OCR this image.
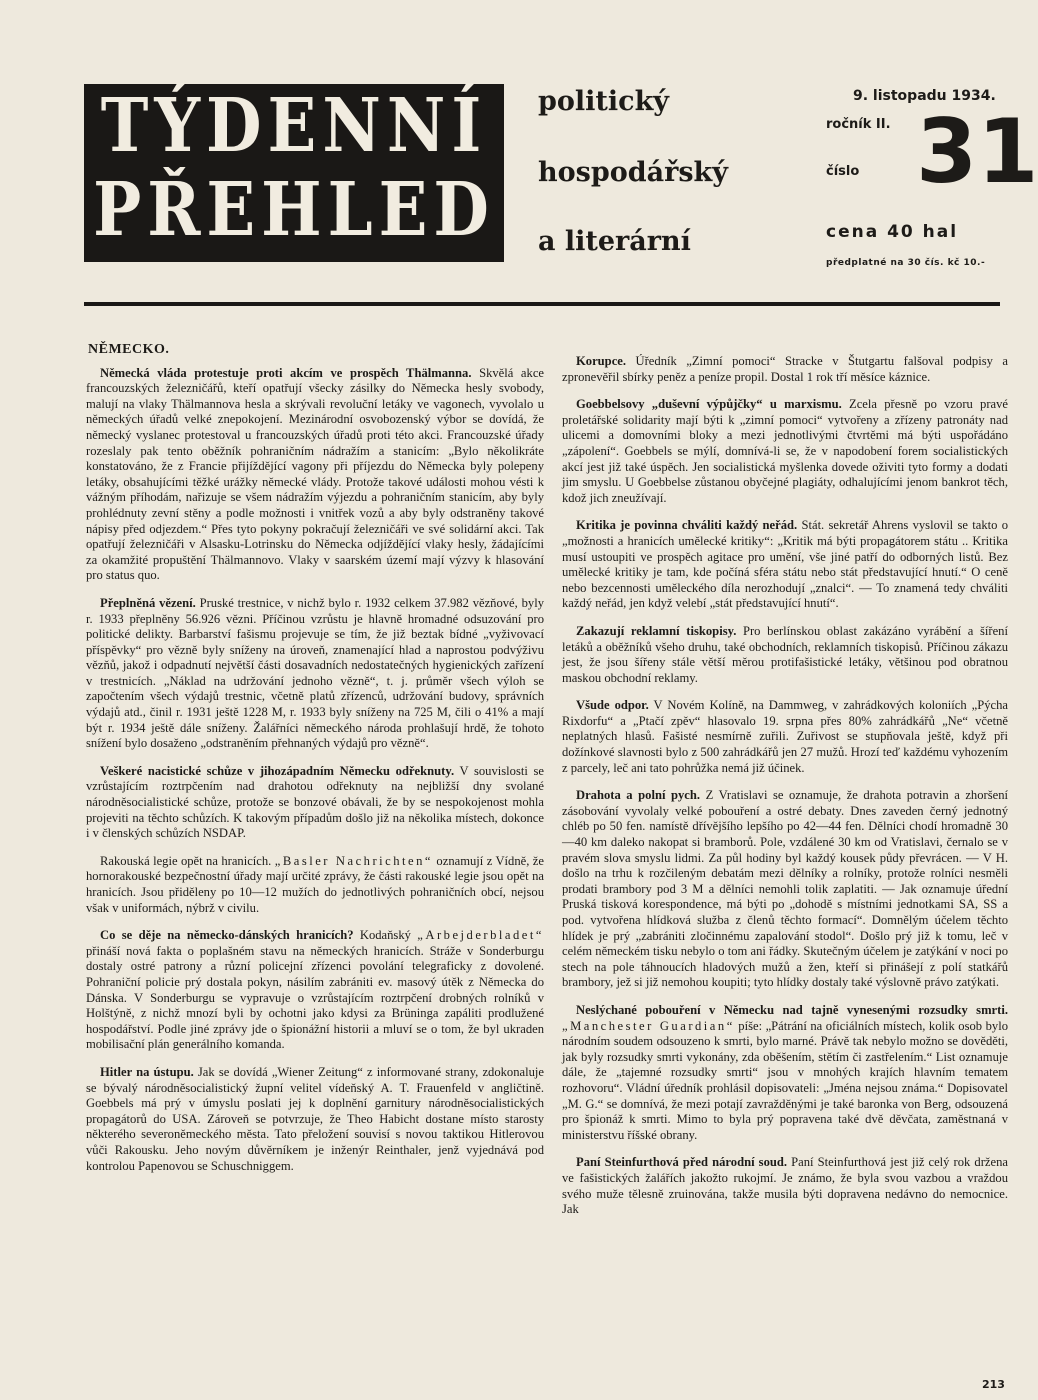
TÝDENNÍ
PŘEHLED
politický
hospodářský
a literární
9. listopadu 1934.
ročník II.
číslo 31
cena 40 hal
předplatné na 30 čís. kč 10.-
NĚMECKO.

Německá vláda protestuje proti akcím ve prospěch Thälmanna. Skvělá akce francouzských železničářů, kteří opatřují všecky zásilky do Německa hesly svobody, malují na vlaky Thälmannova hesla a skrývali revoluční letáky ve vagonech, vyvolalo u německých úřadů velké znepokojení. Mezinárodní osvobozenský výbor se dovídá, že německý vyslanec protestoval u francouzských úřadů proti této akci. Francouzské úřady rozeslaly pak tento oběžník pohraničním nádražím a stanicím: „Bylo několikráte konstatováno, že z Francie přijíždějící vagony při příjezdu do Německa byly polepeny letáky, obsahujícími těžké urážky německé vlády. Protože takové události mohou vésti k vážným příhodám, nařizuje se všem nádražím výjezdu a pohraničním stanicím, aby byly prohlédnuty zevní stěny a podle možnosti i vnitřek vozů a aby byly odstraněny takové nápisy před odjezdem.“ Přes tyto pokyny pokračují železničáři ve své solidární akci. Tak opatřují železničáři v Alsasku-Lotrinsku do Německa odjíždějící vlaky hesly, žádajícími za okamžité propuštění Thälmannovo. Vlaky v saarském území mají výzvy k hlasování pro status quo.

Přeplněná vězení. Pruské trestnice, v nichž bylo r. 1932 celkem 37.982 vězňové, byly r. 1933 přeplněny 56.926 vězni. Příčinou vzrůstu je hlavně hromadné odsuzování pro politické delikty. Barbarství fašismu projevuje se tím, že již beztak bídné „vyživovací příspěvky“ pro vězně byly sníženy na úroveň, znamenající hlad a naprostou podvýživu vězňů, jakož i odpadnutí největší části dosavadních nedostatečných hygienických zařízení v trestnicích. „Náklad na udržování jednoho vězně“, t. j. průměr všech výloh se započtením všech výdajů trestnic, včetně platů zřízenců, udržování budovy, správních výdajů atd., činil r. 1931 ještě 1228 M, r. 1933 byly sníženy na 725 M, čili o 41% a mají být r. 1934 ještě dále sníženy. Žalářníci německého národa prohlašují hrdě, že tohoto snížení bylo dosaženo „odstraněním přehnaných výdajů pro vězně“.

Veškeré nacistické schůze v jihozápadním Německu odřeknuty. V souvislosti se vzrůstajícím roztrpčením nad drahotou odřeknuty na nejbližší dny svolané národněsocialistické schůze, protože se bonzové obávali, že by se nespokojenost mohla projeviti na těchto schůzích. K takovým případům došlo již na několika místech, dokonce i v členských schůzích NSDAP.

Rakouská legie opět na hranicích. „Basler Nachrichten“ oznamují z Vídně, že hornorakouské bezpečnostní úřady mají určité zprávy, že části rakouské legie jsou opět na hranicích. Jsou přiděleny po 10—12 mužích do jednotlivých pohraničních obcí, nejsou však v uniformách, nýbrž v civilu.

Co se děje na německo-dánských hranicích? Kodaňský „Arbejderbladet“ přináší nová fakta o poplašném stavu na německých hranicích. Stráže v Sonderburgu dostaly ostré patrony a různí policejní zřízenci povolání telegraficky z dovolené. Pohraniční policie prý dostala pokyn, násilím zabrániti ev. masový útěk z Německa do Dánska. V Sonderburgu se vypravuje o vzrůstajícím roztrpčení drobných rolníků v Holštýně, z nichž mnozí byli by ochotni jako kdysi za Brüninga zapáliti prodlužené hospodářství. Podle jiné zprávy jde o špionážní historii a mluví se o tom, že byl ukraden mobilisační plán generálního komanda.

Hitler na ústupu. Jak se dovídá „Wiener Zeitung“ z informované strany, zdokonaluje se bývalý národněsocialistický župní velitel vídeňský A. T. Frauenfeld v angličtině. Goebbels má prý v úmyslu poslati jej k doplnění garnitury národněsocialistických propagátorů do USA. Zároveň se potvrzuje, že Theo Habicht dostane místo starosty některého severoněmeckého města. Tato přeložení souvisí s novou taktikou Hitlerovou vůči Rakousku. Jeho novým důvěrníkem je inženýr Reinthaler, jenž vyjednává pod kontrolou Papenovou se Schuschniggem.

Korupce. Úředník „Zimní pomoci“ Stracke v Štutgartu falšoval podpisy a zpronevěřil sbírky peněz a peníze propil. Dostal 1 rok tří měsíce káznice.

Goebbelsovy „duševní výpůjčky“ u marxismu. Zcela přesně po vzoru pravé proletářské solidarity mají býti k „zimní pomoci“ vytvořeny a zřízeny patronáty nad ulicemi a domovními bloky a mezi jednotlivými čtvrtěmi má býti uspořádáno „zápolení“. Goebbels se mýlí, domnívá-li se, že v napodobení forem socialistických akcí jest již také úspěch. Jen socialistická myšlenka dovede oživiti tyto formy a dodati jim smyslu. U Goebbelse zůstanou obyčejné plagiáty, odhalujícími jenom bankrot těch, kdož jich zneužívají.

Kritika je povinna chváliti každý neřád. Stát. sekretář Ahrens vyslovil se takto o „možnosti a hranicích umělecké kritiky“: „Kritik má býti propagátorem státu .. Kritika musí ustoupiti ve prospěch agitace pro umění, vše jiné patří do odborných listů. Bez umělecké kritiky je tam, kde počíná sféra státu nebo stát představující hnutí.“ O ceně nebo bezcennosti uměleckého díla nerozhodují „znalci“. — To znamená tedy chváliti každý neřád, jen když velebí „stát představující hnutí“.

Zakazují reklamní tiskopisy. Pro berlínskou oblast zakázáno vyrábění a šíření letáků a oběžníků všeho druhu, také obchodních, reklamních tiskopisů. Příčinou zákazu jest, že jsou šířeny stále větší měrou protifašistické letáky, většinou pod obratnou maskou obchodní reklamy.

Všude odpor. V Novém Kolíně, na Dammweg, v zahrádkových koloniích „Pýcha Rixdorfu“ a „Ptačí zpěv“ hlasovalo 19. srpna přes 80% zahrádkářů „Ne“ včetně neplatných hlasů. Fašisté nesmírně zuřili. Zuřivost se stupňovala ještě, když při dožínkové slavnosti bylo z 500 zahrádkářů jen 27 mužů. Hrozí teď každému vyhozením z parcely, leč ani tato pohrůžka nemá již účinek.

Drahota a polní pych. Z Vratislavi se oznamuje, že drahota potravin a zhoršení zásobování vyvolaly velké pobouření a ostré debaty. Dnes zaveden černý jednotný chléb po 50 fen. namístě dřívějšího lepšího po 42—44 fen. Dělníci chodí hromadně 30—40 km daleko nakopat si bramborů. Pole, vzdálené 30 km od Vratislavi, černalo se v pravém slova smyslu lidmi. Za půl hodiny byl každý kousek půdy převrácen. — V H. došlo na trhu k rozčileným debatám mezi dělníky a rolníky, protože rolníci nesměli prodati brambory pod 3 M a dělníci nemohli tolik zaplatiti. — Jak oznamuje úřední Pruská tisková korespondence, má býti po „dohodě s místními jednotkami SA, SS a pod. vytvořena hlídková služba z členů těchto formací“. Domnělým účelem těchto hlídek je prý „zabrániti zločinnému zapalování stodol“. Došlo prý již k tomu, leč v celém německém tisku nebylo o tom ani řádky. Skutečným účelem je zatýkání v noci po stech na pole táhnoucích hladových mužů a žen, kteří si přinášejí z polí statkářů brambory, jež si již nemohou koupiti; tyto hlídky dostaly také výslovně právo zatýkati.

Neslýchané pobouření v Německu nad tajně vynesenými rozsudky smrti. „Manchester Guardian“ píše: „Pátrání na oficiálních místech, kolik osob bylo národním soudem odsouzeno k smrti, bylo marné. Právě tak nebylo možno se dověděti, jak byly rozsudky smrti vykonány, zda oběšením, stětím či zastřelením.“ List oznamuje dále, že „tajemné rozsudky smrti“ jsou v mnohých krajích hlavním tematem rozhovoru“. Vládní úředník prohlásil dopisovateli: „Jména nejsou známa.“ Dopisovatel „M. G.“ se domnívá, že mezi potají zavražděnými je také baronka von Berg, odsouzená pro špionáž k smrti. Mimo to byla prý popravena také dvě děvčata, zaměstnaná v ministerstvu říšské obrany.

Paní Steinfurthová před národní soud. Paní Steinfurthová jest již celý rok držena ve fašistických žalářích jakožto rukojmí. Je známo, že byla svou vazbou a vraždou svého muže tělesně zruinována, takže musila býti dopravena nedávno do nemocnice. Jak

213
